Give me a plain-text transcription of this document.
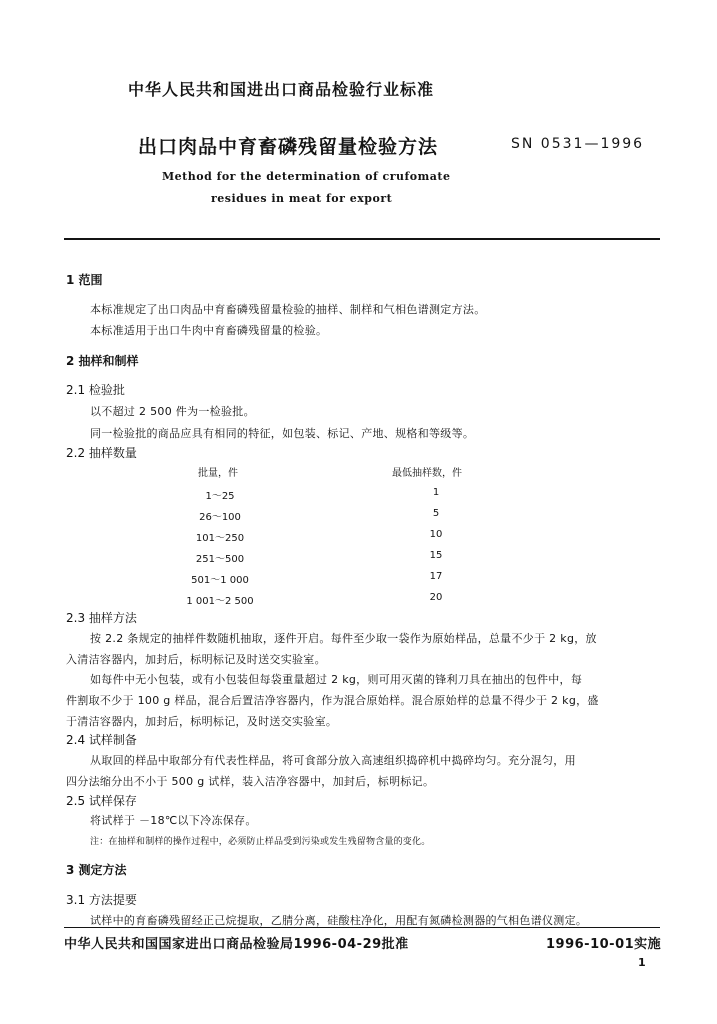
中华人民共和国进出口商品检验行业标准
出口肉品中育畜磷残留量检验方法	SN 0531—1996
Method for the determination of crufomate
residues in meat for export
1 范围
本标准规定了出口肉品中育畜磷残留量检验的抽样、制样和气相色谱测定方法。
本标准适用于出口牛肉中育畜磷残留量的检验。
2 抽样和制样
2.1 检验批
以不超过 2 500 件为一检验批。
同一检验批的商品应具有相同的特征，如包装、标记、产地、规格和等级等。
2.2 抽样数量
批量，件	最低抽样数，件
1～25	1
26～100	5
101～250	10
251～500	15
501～1 000	17
1 001～2 500	20
2.3 抽样方法
按 2.2 条规定的抽样件数随机抽取，逐件开启。每件至少取一袋作为原始样品，总量不少于 2 kg，放
入清洁容器内，加封后，标明标记及时送交实验室。
如每件中无小包装，或有小包装但每袋重量超过 2 kg，则可用灭菌的锋利刀具在抽出的包件中，每
件割取不少于 100 g 样品，混合后置洁净容器内，作为混合原始样。混合原始样的总量不得少于 2 kg，盛
于清洁容器内，加封后，标明标记，及时送交实验室。
2.4 试样制备
从取回的样品中取部分有代表性样品，将可食部分放入高速组织捣碎机中捣碎均匀。充分混匀，用
四分法缩分出不小于 500 g 试样，装入洁净容器中，加封后，标明标记。
2.5 试样保存
将试样于 －18℃以下冷冻保存。
注：在抽样和制样的操作过程中，必须防止样品受到污染或发生残留物含量的变化。
3 测定方法
3.1 方法提要
试样中的育畜磷残留经正己烷提取，乙腈分离，硅酸柱净化，用配有氮磷检测器的气相色谱仪测定。
中华人民共和国国家进出口商品检验局1996-04-29批准	1996-10-01实施
1
